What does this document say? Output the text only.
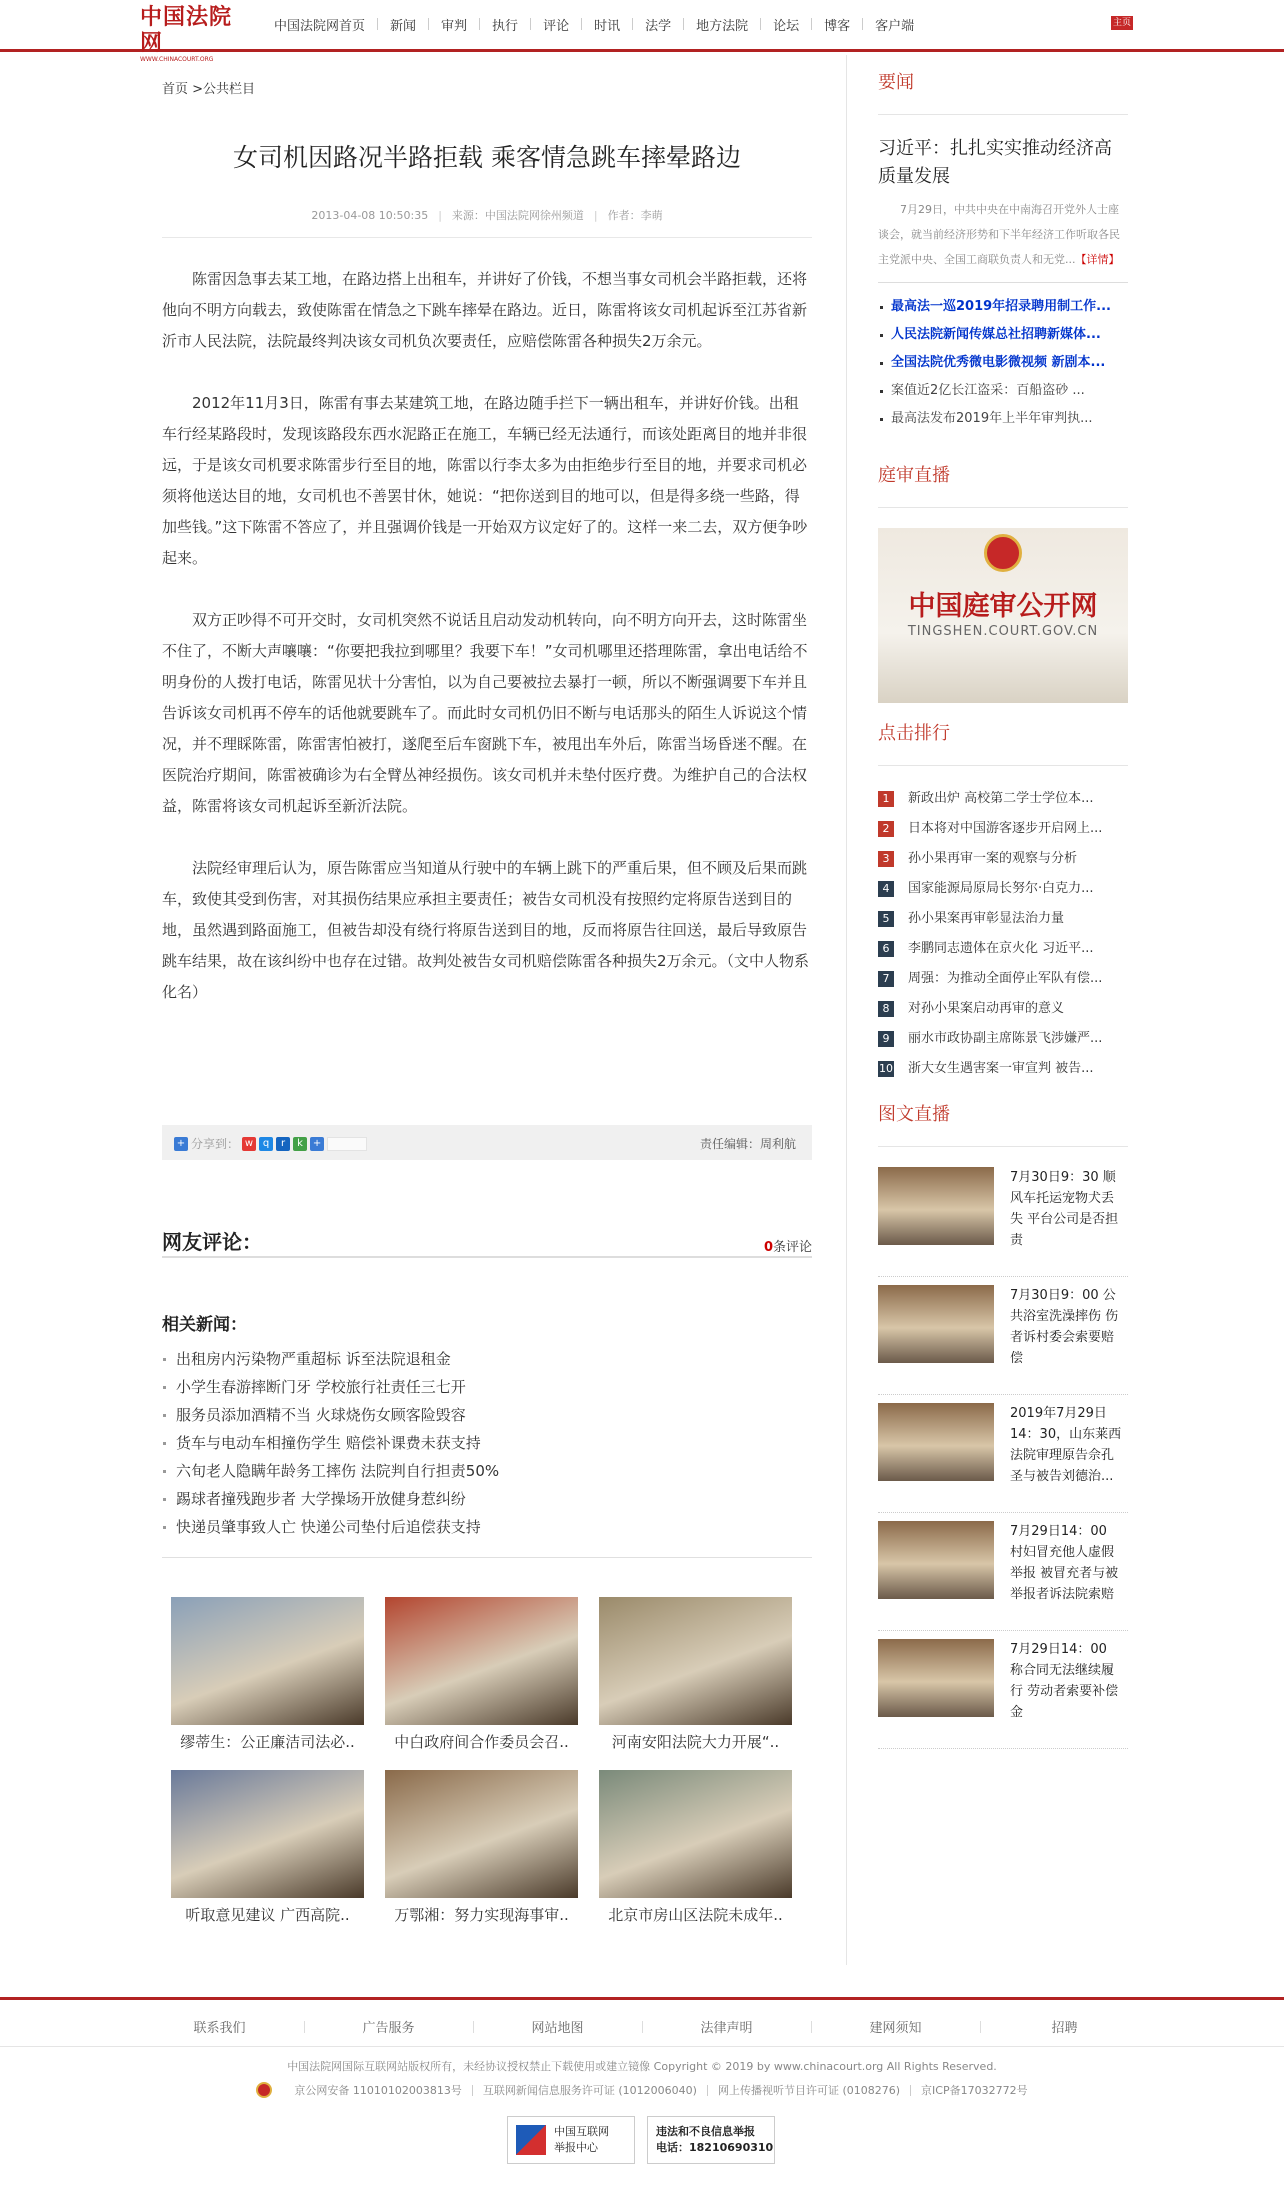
中国法院网
WWW.CHINACOURT.ORG
中国法院网首页	新闻	审判	执行	评论	时讯	法学	地方法院	论坛	博客	客户端	主页
首页 >公共栏目
女司机因路况半路拒载 乘客情急跳车摔晕路边
2013-04-08 10:50:35 | 来源：中国法院网徐州频道 | 作者：李萌

陈雷因急事去某工地，在路边搭上出租车，并讲好了价钱，不想当事女司机会半路拒载，还将他向不明方向载去，致使陈雷在情急之下跳车摔晕在路边。近日，陈雷将该女司机起诉至江苏省新沂市人民法院，法院最终判决该女司机负次要责任，应赔偿陈雷各种损失2万余元。

2012年11月3日，陈雷有事去某建筑工地，在路边随手拦下一辆出租车，并讲好价钱。出租车行经某路段时，发现该路段东西水泥路正在施工，车辆已经无法通行，而该处距离目的地并非很远，于是该女司机要求陈雷步行至目的地，陈雷以行李太多为由拒绝步行至目的地，并要求司机必须将他送达目的地，女司机也不善罢甘休，她说：“把你送到目的地可以，但是得多绕一些路，得加些钱。”这下陈雷不答应了，并且强调价钱是一开始双方议定好了的。这样一来二去，双方便争吵起来。

双方正吵得不可开交时，女司机突然不说话且启动发动机转向，向不明方向开去，这时陈雷坐不住了，不断大声嚷嚷：“你要把我拉到哪里？我要下车！”女司机哪里还搭理陈雷，拿出电话给不明身份的人拨打电话，陈雷见状十分害怕，以为自己要被拉去暴打一顿，所以不断强调要下车并且告诉该女司机再不停车的话他就要跳车了。而此时女司机仍旧不断与电话那头的陌生人诉说这个情况，并不理睬陈雷，陈雷害怕被打，遂爬至后车窗跳下车，被甩出车外后，陈雷当场昏迷不醒。在医院治疗期间，陈雷被确诊为右全臂丛神经损伤。该女司机并未垫付医疗费。为维护自己的合法权益，陈雷将该女司机起诉至新沂法院。

法院经审理后认为，原告陈雷应当知道从行驶中的车辆上跳下的严重后果，但不顾及后果而跳车，致使其受到伤害，对其损伤结果应承担主要责任；被告女司机没有按照约定将原告送到目的地，虽然遇到路面施工，但被告却没有绕行将原告送到目的地，反而将原告往回送，最后导致原告跳车结果，故在该纠纷中也存在过错。故判处被告女司机赔偿陈雷各种损失2万余元。（文中人物系化名）

+ 分享到： w q	r	k +	责任编辑：周利航
网友评论：	0条评论
相关新闻：
出租房内污染物严重超标 诉至法院退租金
小学生春游摔断门牙 学校旅行社责任三七开
服务员添加酒精不当 火球烧伤女顾客险毁容
货车与电动车相撞伤学生 赔偿补课费未获支持
六旬老人隐瞒年龄务工摔伤 法院判自行担责50%
踢球者撞残跑步者 大学操场开放健身惹纠纷
快递员肇事致人亡 快递公司垫付后追偿获支持
缪蒂生：公正廉洁司法必..	中白政府间合作委员会召..	河南安阳法院大力开展“..
听取意见建议 广西高院..	万鄂湘：努力实现海事审..	北京市房山区法院未成年..
要闻
习近平：扎扎实实推动经济高质量发展
7月29日，中共中央在中南海召开党外人士座谈会，就当前经济形势和下半年经济工作听取各民主党派中央、全国工商联负责人和无党...【详情】
最高法一巡2019年招录聘用制工作...
人民法院新闻传媒总社招聘新媒体...
全国法院优秀微电影微视频 新剧本...
案值近2亿长江盗采：百船盗砂 ...
最高法发布2019年上半年审判执...
庭审直播
中国庭审公开网
TINGSHEN.COURT.GOV.CN
点击排行
1	新政出炉 高校第二学士学位本...
2	日本将对中国游客逐步开启网上...
3	孙小果再审一案的观察与分析
4	国家能源局原局长努尔·白克力...
5	孙小果案再审彰显法治力量
6	李鹏同志遗体在京火化 习近平...
7	周强：为推动全面停止军队有偿...
8	对孙小果案启动再审的意义
9	丽水市政协副主席陈景飞涉嫌严...
10 浙大女生遇害案一审宣判 被告...
图文直播
7月30日9：30 顺风车托运宠物犬丢失 平台公司是否担责
7月30日9：00 公共浴室洗澡摔伤 伤者诉村委会索要赔偿
2019年7月29日14：30，山东莱西法院审理原告佘孔圣与被告刘德治...
7月29日14：00 村妇冒充他人虚假举报 被冒充者与被举报者诉法院索赔
7月29日14：00 称合同无法继续履行 劳动者索要补偿金
联系我们	广告服务	网站地图	法律声明	建网须知	招聘
中国法院网国际互联网站版权所有，未经协议授权禁止下载使用或建立镜像 Copyright © 2019 by www.chinacourt.org All Rights Reserved.
京公网安备 11010102003813号 互联网新闻信息服务许可证 (1012006040) 网上传播视听节目许可证 (0108276) 京ICP备17032772号
中国互联网
举报中心
违法和不良信息举报
电话：18210690310
